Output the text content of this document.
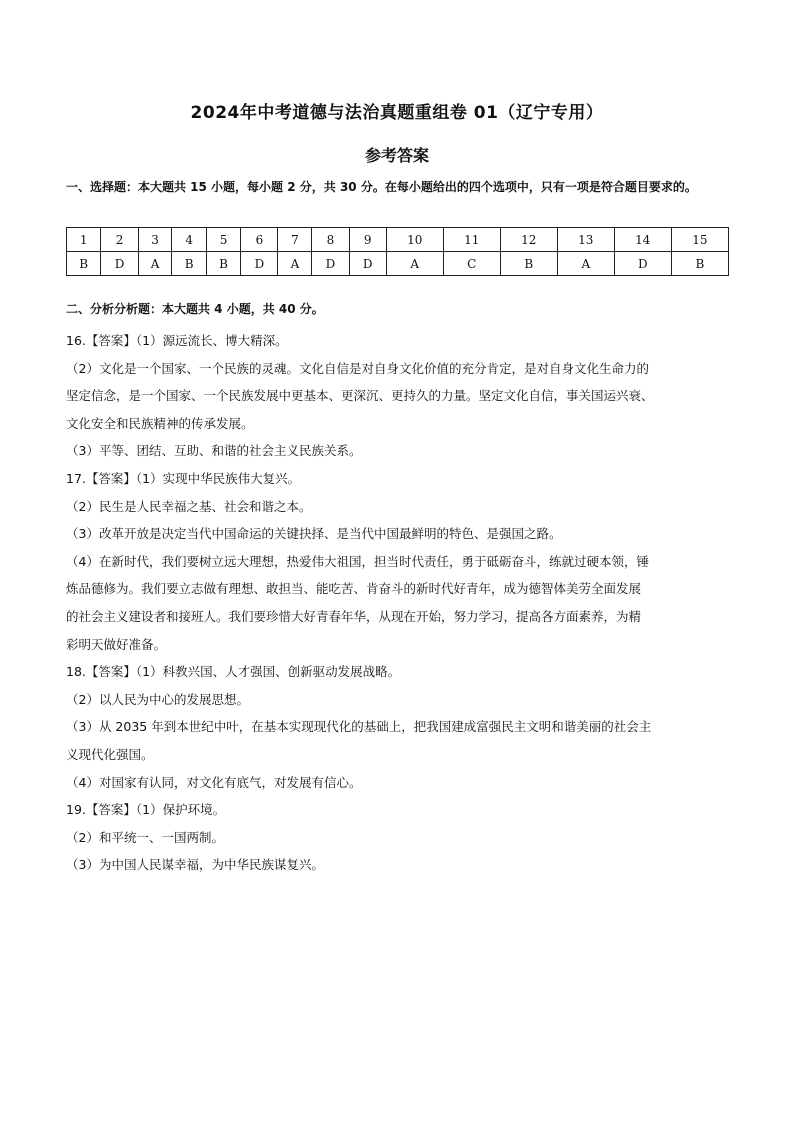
2024年中考道德与法治真题重组卷 01（辽宁专用）
参考答案
一、选择题：本大题共 15 小题，每小题 2 分，共 30 分。在每小题给出的四个选项中，只有一项是符合题目要求的。
1	2	3	4	5	6	7	8	9	10	11	12	13	14	15
B	D	A	B	B	D	A	D	D	A	C	B	A	D	B
二、分析分析题：本大题共 4 小题，共 40 分。

16.【答案】（1）源远流长、博大精深。

（2）文化是一个国家、一个民族的灵魂。文化自信是对自身文化价值的充分肯定，是对自身文化生命力的

坚定信念，是一个国家、一个民族发展中更基本、更深沉、更持久的力量。坚定文化自信，事关国运兴衰、

文化安全和民族精神的传承发展。

（3）平等、团结、互助、和谐的社会主义民族关系。

17.【答案】（1）实现中华民族伟大复兴。

（2）民生是人民幸福之基、社会和谐之本。

（3）改革开放是决定当代中国命运的关键抉择、是当代中国最鲜明的特色、是强国之路。

（4）在新时代，我们要树立远大理想，热爱伟大祖国，担当时代责任，勇于砥砺奋斗，练就过硬本领，锤

炼品德修为。我们要立志做有理想、敢担当、能吃苦、肯奋斗的新时代好青年，成为德智体美劳全面发展

的社会主义建设者和接班人。我们要珍惜大好青春年华，从现在开始，努力学习，提高各方面素养，为精

彩明天做好准备。

18.【答案】（1）科教兴国、人才强国、创新驱动发展战略。

（2）以人民为中心的发展思想。

（3）从 2035 年到本世纪中叶，在基本实现现代化的基础上，把我国建成富强民主文明和谐美丽的社会主

义现代化强国。

（4）对国家有认同，对文化有底气，对发展有信心。

19.【答案】（1）保护环境。

（2）和平统一、一国两制。

（3）为中国人民谋幸福，为中华民族谋复兴。
